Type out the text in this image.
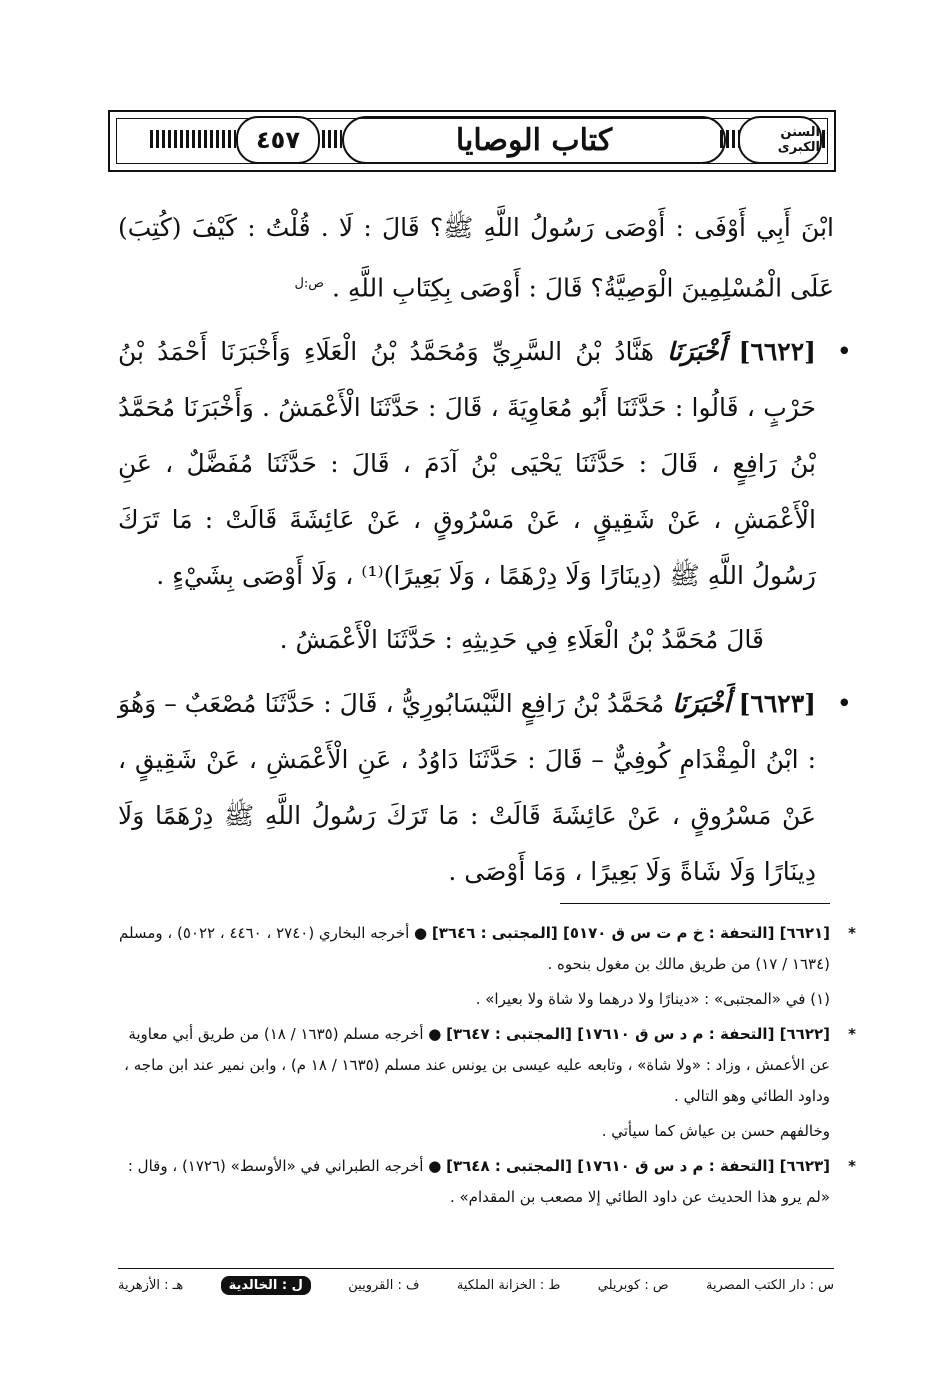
٤٥٧	السنن الكبرى
كتاب الوصايا

ابْنَ أَبِي أَوْفَى : أَوْصَى رَسُولُ اللَّهِ ﷺ؟ قَالَ : لَا . قُلْتُ : كَيْفَ (كُتِبَ) عَلَى الْمُسْلِمِينَ الْوَصِيَّةُ؟ قَالَ : أَوْصَى بِكِتَابِ اللَّهِ . $^{ص:ل}$

• [٦٦٢٢] أَخْبَرَنَا هَنَّادُ بْنُ السَّرِيِّ وَمُحَمَّدُ بْنُ الْعَلَاءِ وَأَخْبَرَنَا أَحْمَدُ بْنُ حَرْبٍ ، قَالُوا : حَدَّثَنَا أَبُو مُعَاوِيَةَ ، قَالَ : حَدَّثَنَا الْأَعْمَشُ . وَأَخْبَرَنَا مُحَمَّدُ بْنُ رَافِعٍ ، قَالَ : حَدَّثَنَا يَحْيَى بْنُ آدَمَ ، قَالَ : حَدَّثَنَا مُفَضَّلٌ ، عَنِ الْأَعْمَشِ ، عَنْ شَقِيقٍ ، عَنْ مَسْرُوقٍ ، عَنْ عَائِشَةَ قَالَتْ : مَا تَرَكَ رَسُولُ اللَّهِ ﷺ (دِينَارًا وَلَا دِرْهَمًا ، وَلَا بَعِيرًا)⁽¹⁾ ، وَلَا أَوْصَى بِشَيْءٍ .

قَالَ مُحَمَّدُ بْنُ الْعَلَاءِ فِي حَدِيثِهِ : حَدَّثَنَا الْأَعْمَشُ .

• [٦٦٢٣] أَخْبَرَنَا مُحَمَّدُ بْنُ رَافِعٍ النَّيْسَابُورِيُّ ، قَالَ : حَدَّثَنَا مُصْعَبٌ – وَهُوَ : ابْنُ الْمِقْدَامِ كُوفِيٌّ – قَالَ : حَدَّثَنَا دَاوُدُ ، عَنِ الْأَعْمَشِ ، عَنْ شَقِيقٍ ، عَنْ مَسْرُوقٍ ، عَنْ عَائِشَةَ قَالَتْ : مَا تَرَكَ رَسُولُ اللَّهِ ﷺ دِرْهَمًا وَلَا دِينَارًا وَلَا شَاةً وَلَا بَعِيرًا ، وَمَا أَوْصَى .

*
[٦٦٢١] [التحفة : خ م ت س ق ٥١٧٠] [المجتبى : ٣٦٤٦] ● أخرجه البخاري (٢٧٤٠ ، ٤٤٦٠ ، ٥٠٢٢) ، ومسلم (١٦٣٤ / ١٧) من طريق مالك بن مغول بنحوه .

(١) في «المجتبى» : «دينارًا ولا درهما ولا شاة ولا بعيرا» .

*
[٦٦٢٢] [التحفة : م د س ق ١٧٦١٠] [المجتبى : ٣٦٤٧] ● أخرجه مسلم (١٦٣٥ / ١٨) من طريق أبي معاوية عن الأعمش ، وزاد : «ولا شاة» ، وتابعه عليه عيسى بن يونس عند مسلم (١٦٣٥ / ١٨ م) ، وابن نمير عند ابن ماجه ، وداود الطائي وهو التالي .

وخالفهم حسن بن عياش كما سيأتي .

*
[٦٦٢٣] [التحفة : م د س ق ١٧٦١٠] [المجتبى : ٣٦٤٨] ● أخرجه الطبراني في «الأوسط» (١٧٢٦) ، وقال : «لم يرو هذا الحديث عن داود الطائي إلا مصعب بن المقدام» .

س : دار الكتب المصرية
ص : كوبريلي
ط : الخزانة الملكية
ف : القرويين
ل : الخالدية
هـ : الأزهرية
